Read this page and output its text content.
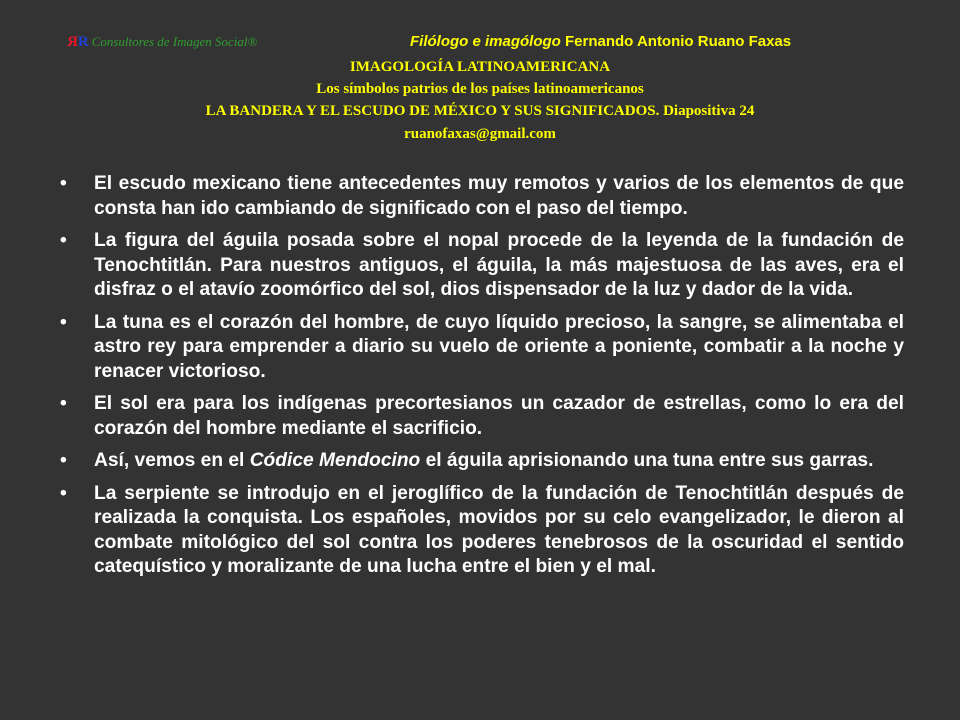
RR Consultores de Imagen Social®	Filólogo e imagólogo Fernando Antonio Ruano Faxas
IMAGOLOGÍA LATINOAMERICANA
Los símbolos patrios de los países latinoamericanos
LA BANDERA Y EL ESCUDO DE MÉXICO Y SUS SIGNIFICADOS. Diapositiva 24
ruanofaxas@gmail.com
• El escudo mexicano tiene antecedentes muy remotos y varios de los elementos de que consta han ido cambiando de significado con el paso del tiempo.
• La figura del águila posada sobre el nopal procede de la leyenda de la fundación de Tenochtitlán. Para nuestros antiguos, el águila, la más majestuosa de las aves, era el disfraz o el atavío zoomórfico del sol, dios dispensador de la luz y dador de la vida.
• La tuna es el corazón del hombre, de cuyo líquido precioso, la sangre, se alimentaba el astro rey para emprender a diario su vuelo de oriente a poniente, combatir a la noche y renacer victorioso.
• El sol era para los indígenas precortesianos un cazador de estrellas, como lo era del corazón del hombre mediante el sacrificio.
• Así, vemos en el Códice Mendocino el águila aprisionando una tuna entre sus garras.
• La serpiente se introdujo en el jeroglífico de la fundación de Tenochtitlán después de realizada la conquista. Los españoles, movidos por su celo evangelizador, le dieron al combate mitológico del sol contra los poderes tenebrosos de la oscuridad el sentido catequístico y moralizante de una lucha entre el bien y el mal.
